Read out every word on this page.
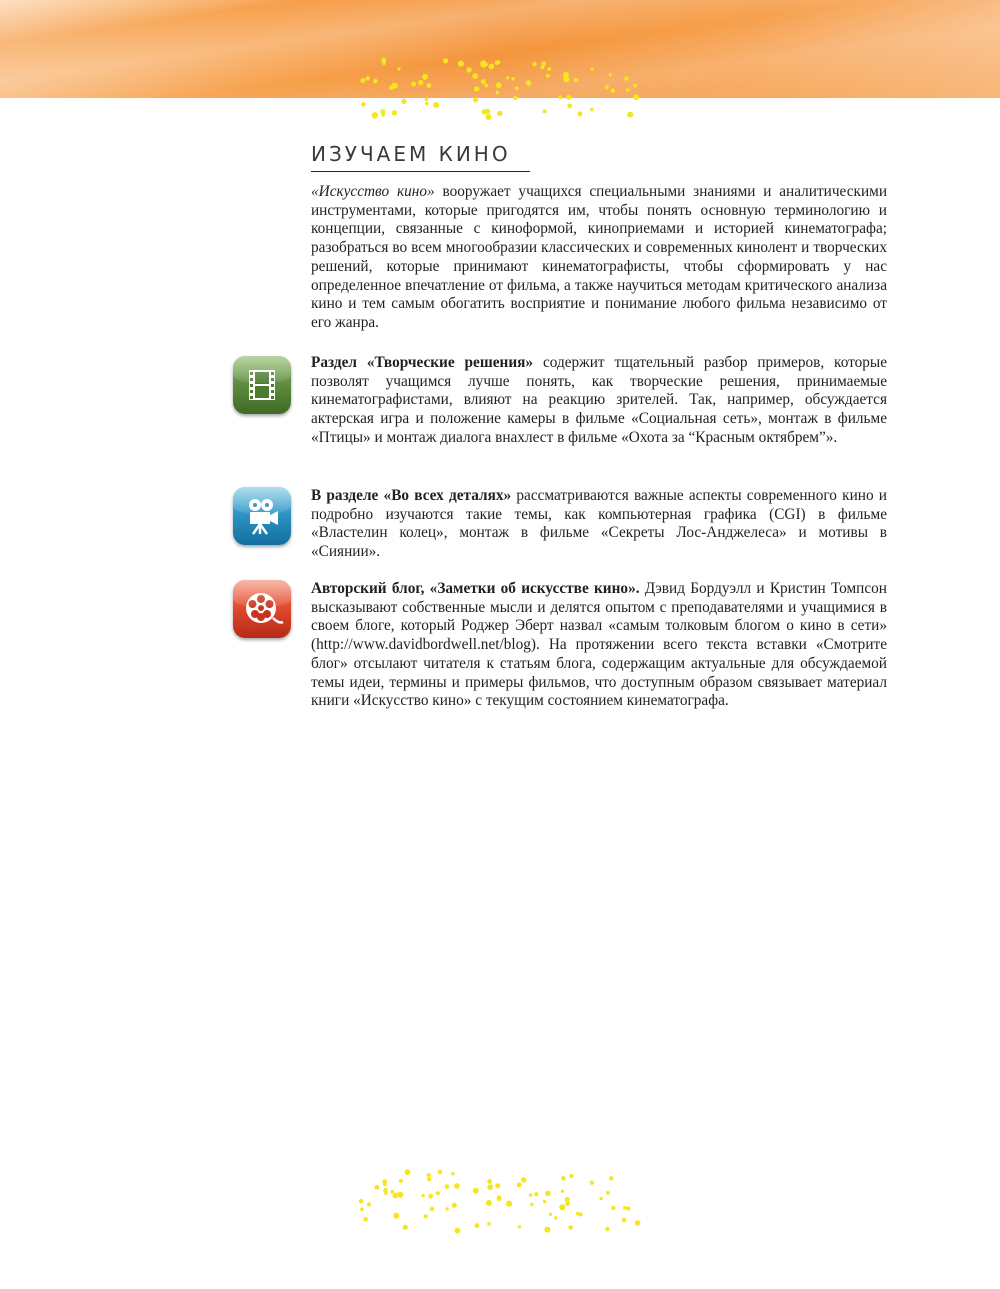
ИЗУЧАЕМ КИНО

«Искусство кино» вооружает учащихся специальными знаниями и аналитическими инструментами, которые пригодятся им, чтобы понять основную терминологию и концепции, связанные с киноформой, киноприемами и историей кинематографа; разобраться во всем многообразии классических и современных кинолент и творческих решений, которые принимают кинематографисты, чтобы сформировать у нас определенное впечатление от фильма, а также научиться методам критического анализа кино и тем самым обогатить восприятие и понимание любого фильма независимо от его жанра.

Раздел «Творческие решения» содержит тщательный разбор примеров, которые позволят учащимся лучше понять, как творческие решения, принимаемые кинематографистами, влияют на реакцию зрителей. Так, например, обсуждается актерская игра и положение камеры в фильме «Социальная сеть», монтаж в фильме «Птицы» и монтаж диалога внахлест в фильме «Охота за “Красным октябрем”».

В разделе «Во всех деталях» рассматриваются важные аспекты современного кино и подробно изучаются такие темы, как компьютерная графика (CGI) в фильме «Властелин колец», монтаж в фильме «Секреты Лос-Анджелеса» и мотивы в «Сиянии».

Авторский блог, «Заметки об искусстве кино». Дэвид Бордуэлл и Кристин Томпсон высказывают собственные мысли и делятся опытом с преподавателями и учащимися в своем блоге, который Роджер Эберт назвал «самым толковым блогом о кино в сети» (http://www.davidbordwell.net/blog). На протяжении всего текста вставки «Смотрите блог» отсылают читателя к статьям блога, содержащим актуальные для обсуждаемой темы идеи, термины и примеры фильмов, что доступным образом связывает материал книги «Искусство кино» с текущим состоянием кинематографа.
